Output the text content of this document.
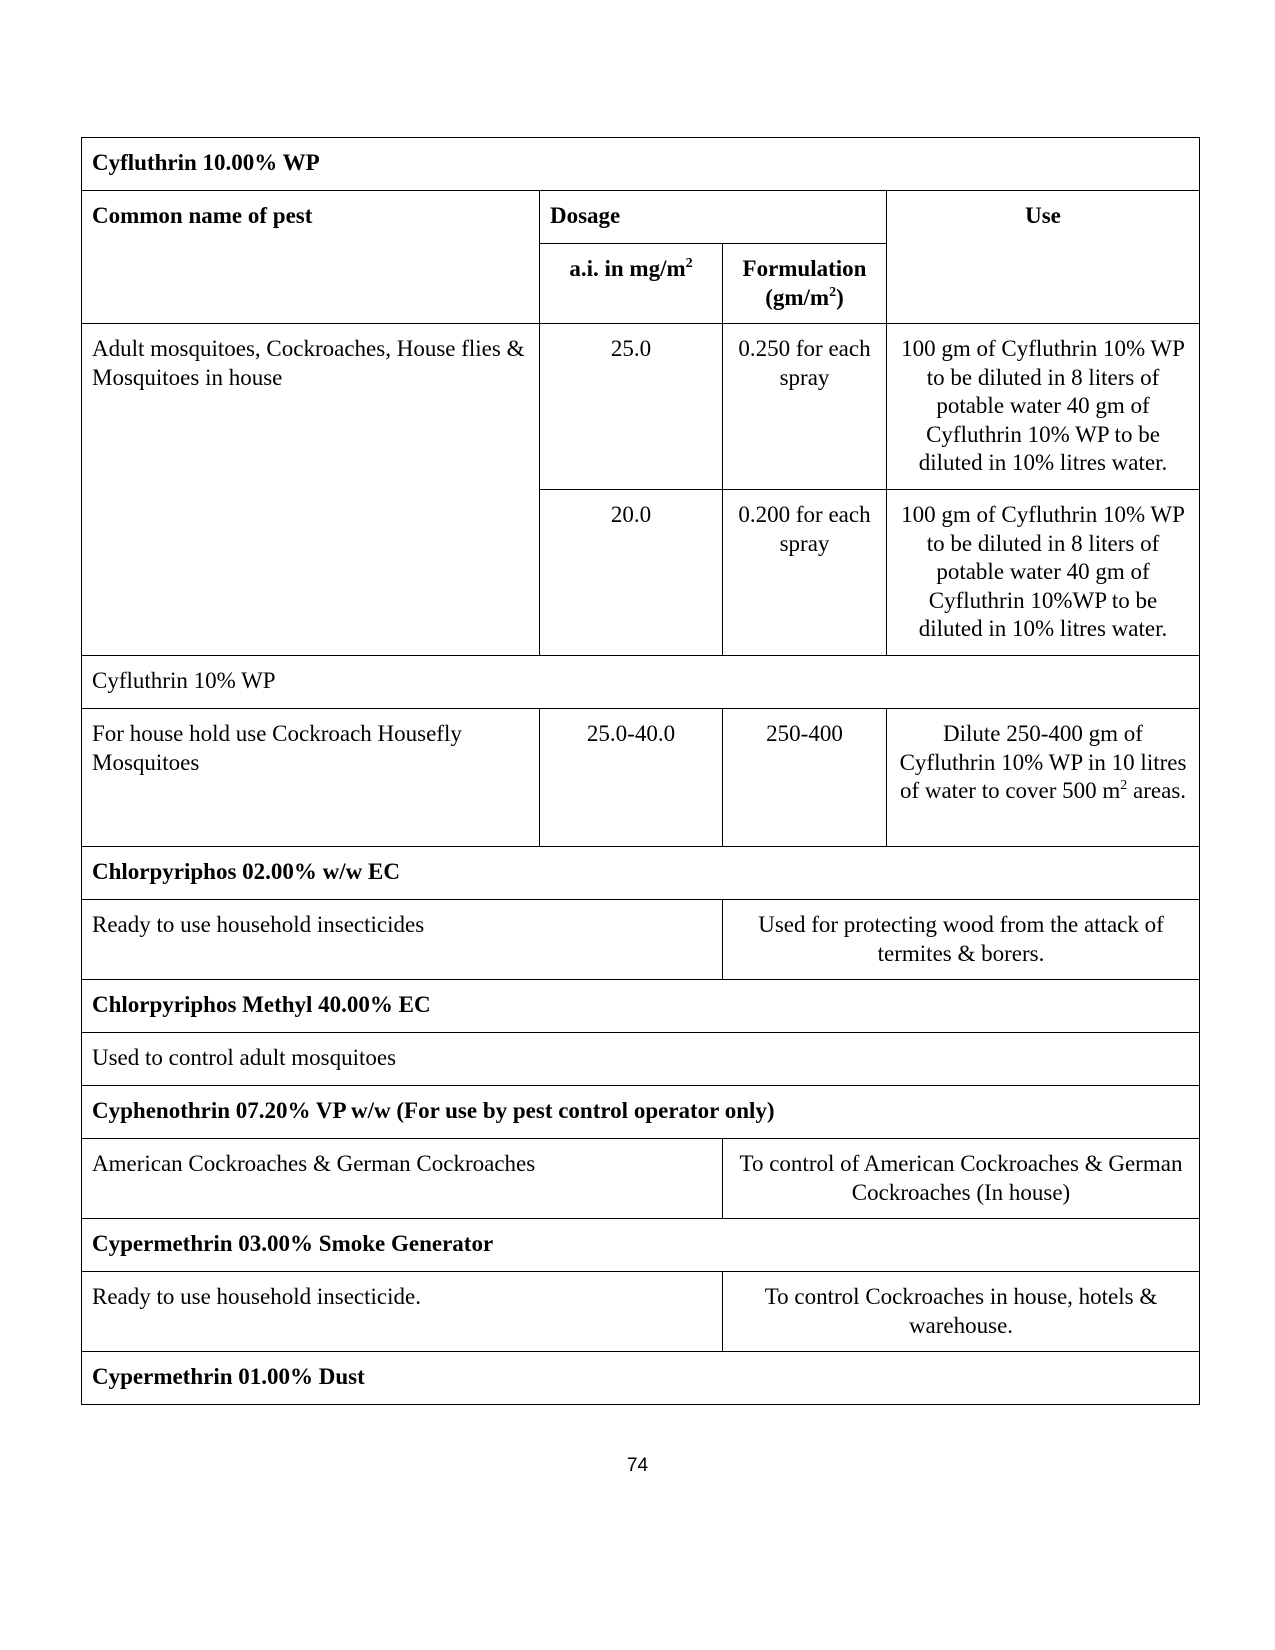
Cyfluthrin 10.00% WP			
Common name of pest	Dosage		Use
	a.i. in $mg/m^2$	Formulation
$(gm/m^2)$	
Adult mosquitoes, Cockroaches, House flies & Mosquitoes in house	25.0	0.250 for each spray	100 gm of Cyfluthrin 10% WP to be diluted in 8 liters of potable water 40 gm of Cyfluthrin 10% WP to be diluted in 10% litres water.
	20.0	0.200 for each spray	100 gm of Cyfluthrin 10% WP to be diluted in 8 liters of potable water 40 gm of Cyfluthrin 10%WP to be diluted in 10% litres water.
Cyfluthrin 10% WP			
For house hold use Cockroach Housefly Mosquitoes	25.0-40.0	250-400	Dilute 250-400 gm of Cyfluthrin 10% WP in 10 litres of water to cover 500 $m^2$ areas.
Chlorpyriphos 02.00% w/w EC			
Ready to use household insecticides		Used for protecting wood from the attack of termites & borers.	
Chlorpyriphos Methyl 40.00% EC			
Used to control adult mosquitoes			
Cyphenothrin 07.20% VP w/w (For use by pest control operator only)			
American Cockroaches & German Cockroaches		To control of American Cockroaches & German Cockroaches (In house)	
Cypermethrin 03.00% Smoke Generator			
Ready to use household insecticide.		To control Cockroaches in house, hotels & warehouse.	
Cypermethrin 01.00% Dust			
74
